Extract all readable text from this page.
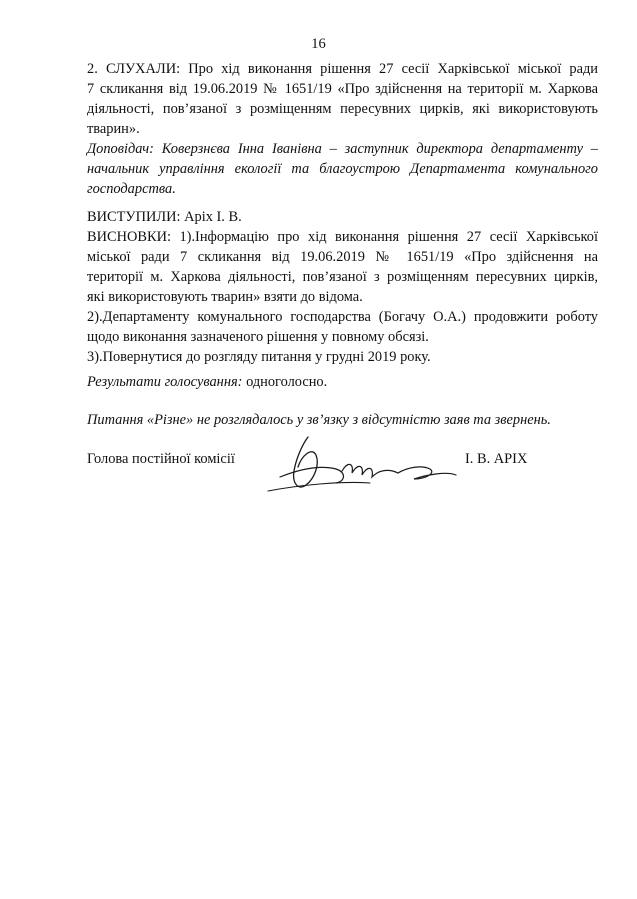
16
2. СЛУХАЛИ: Про хід виконання рішення 27 сесії Харківської міської ради
7 скликання від 19.06.2019 № 1651/19 «Про здійснення на території м. Харкова
діяльності, пов’язаної з розміщенням пересувних цирків, які використовують
тварин».
Доповідач: Коверзнєва Інна Іванівна – заступник директора департаменту –
начальник управління екології та благоустрою Департамента комунального
господарства.
ВИСТУПИЛИ: Аріх І. В.
ВИСНОВКИ: 1).Інформацію про хід виконання рішення 27 сесії Харківської
міської ради 7 скликання від 19.06.2019 № 1651/19 «Про здійснення на
території м. Харкова діяльності, пов’язаної з розміщенням пересувних цирків,
які використовують тварин» взяти до відома.
2).Департаменту комунального господарства (Богачу О.А.) продовжити роботу
щодо виконання зазначеного рішення у повному обсязі.
3).Повернутися до розгляду питання у грудні 2019 року.
Результати голосування: одноголосно.
Питання «Різне» не розглядалось у зв’язку з відсутністю заяв та звернень.
Голова постійної комісії	І. В. АРІХ
